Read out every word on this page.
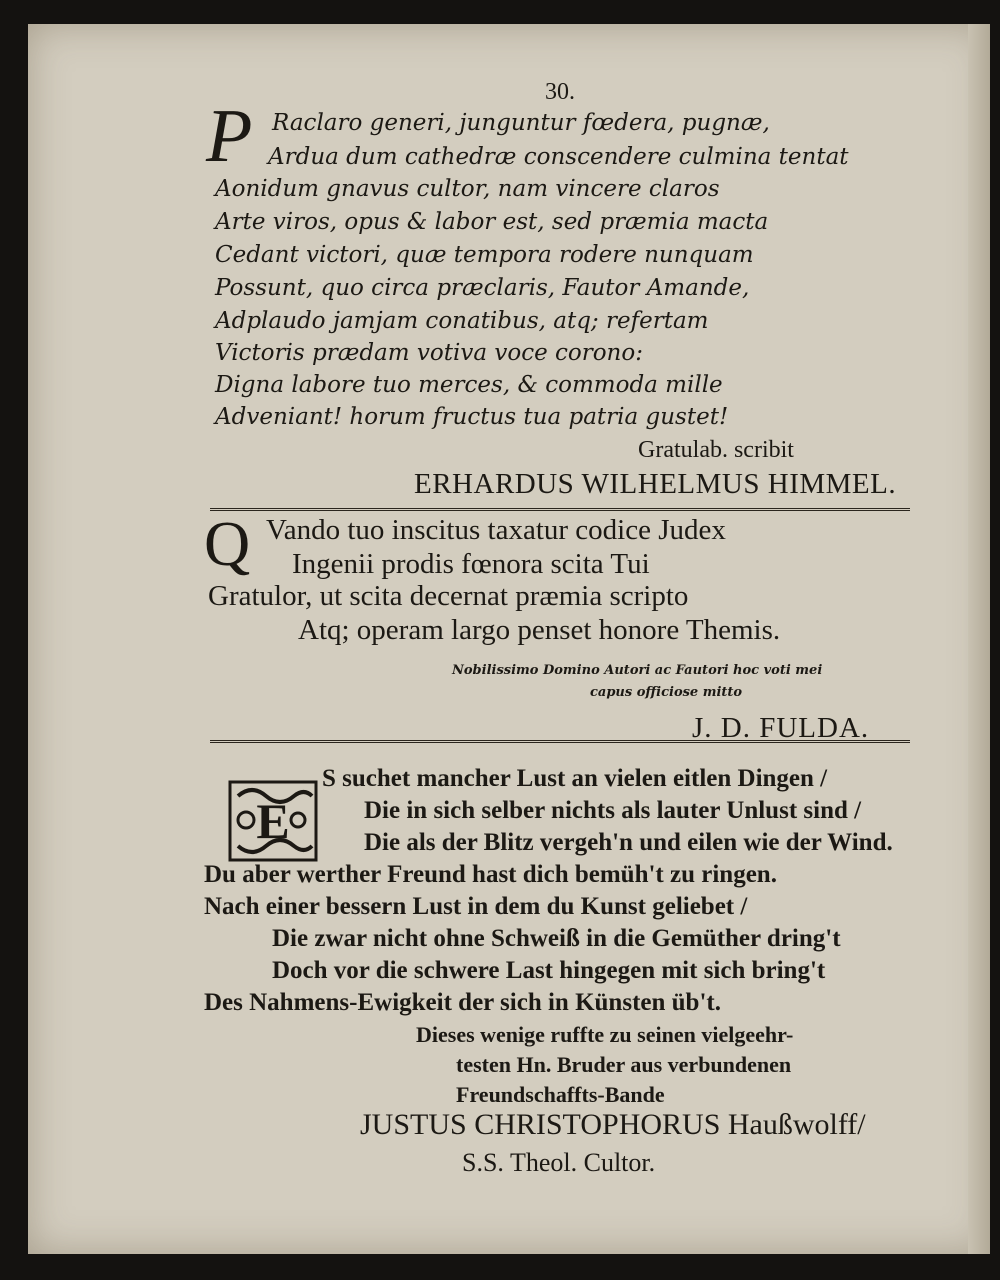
30.
P Raclaro generi, junguntur fœdera, pugnæ,
Ardua dum cathedræ conscendere culmina tentat
Aonidum gnavus cultor, nam vincere claros
Arte viros, opus & labor est, sed præmia macta
Cedant victori, quæ tempora rodere nunquam
Possunt, quo circa præclaris, Fautor Amande,
Adplaudo jamjam conatibus, atq; refertam
Victoris prædam votiva voce corono:
Digna labore tuo merces, & commoda mille
Adveniant! horum fructus tua patria gustet!
Gratulab. scribit
ERHARDUS WILHELMUS HIMMEL.
Q Vando tuo inscitus taxatur codice Judex
Ingenii prodis fœnora scita Tui
Gratulor, ut scita decernat præmia scripto
Atq; operam largo penset honore Themis.
Nobilissimo Domino Autori ac Fautori hoc voti mei
capus officiose mitto
J. D. FULDA.
E
S suchet mancher Lust an vielen eitlen Dingen /
Die in sich selber nichts als lauter Unlust sind /
Die als der Blitz vergeh'n und eilen wie der Wind.
Du aber werther Freund hast dich bemüh't zu ringen.
Nach einer bessern Lust in dem du Kunst geliebet /
Die zwar nicht ohne Schweiß in die Gemüther dring't
Doch vor die schwere Last hingegen mit sich bring't
Des Nahmens-Ewigkeit der sich in Künsten üb't.
Dieses wenige ruffte zu seinen vielgeehr-
testen Hn. Bruder aus verbundenen
Freundschaffts-Bande
JUSTUS CHRISTOPHORUS Haußwolff/
S.S. Theol. Cultor.
